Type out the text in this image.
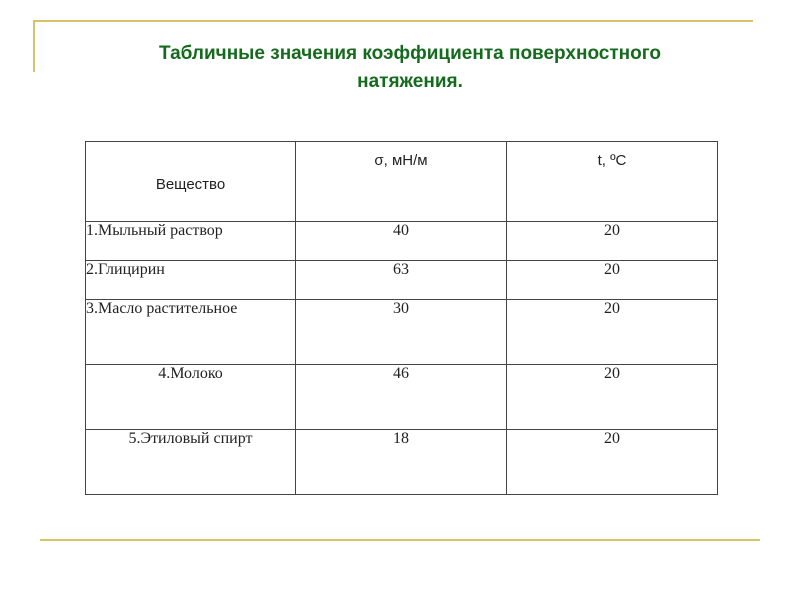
Табличные значения коэффициента поверхностного
натяжения.
Вещество	σ, мН/м	t, ºC
1.Мыльный раствор	40	20
2.Глицирин	63	20
3.Масло растительное	30	20
4.Молоко	46	20
5.Этиловый спирт	18	20
